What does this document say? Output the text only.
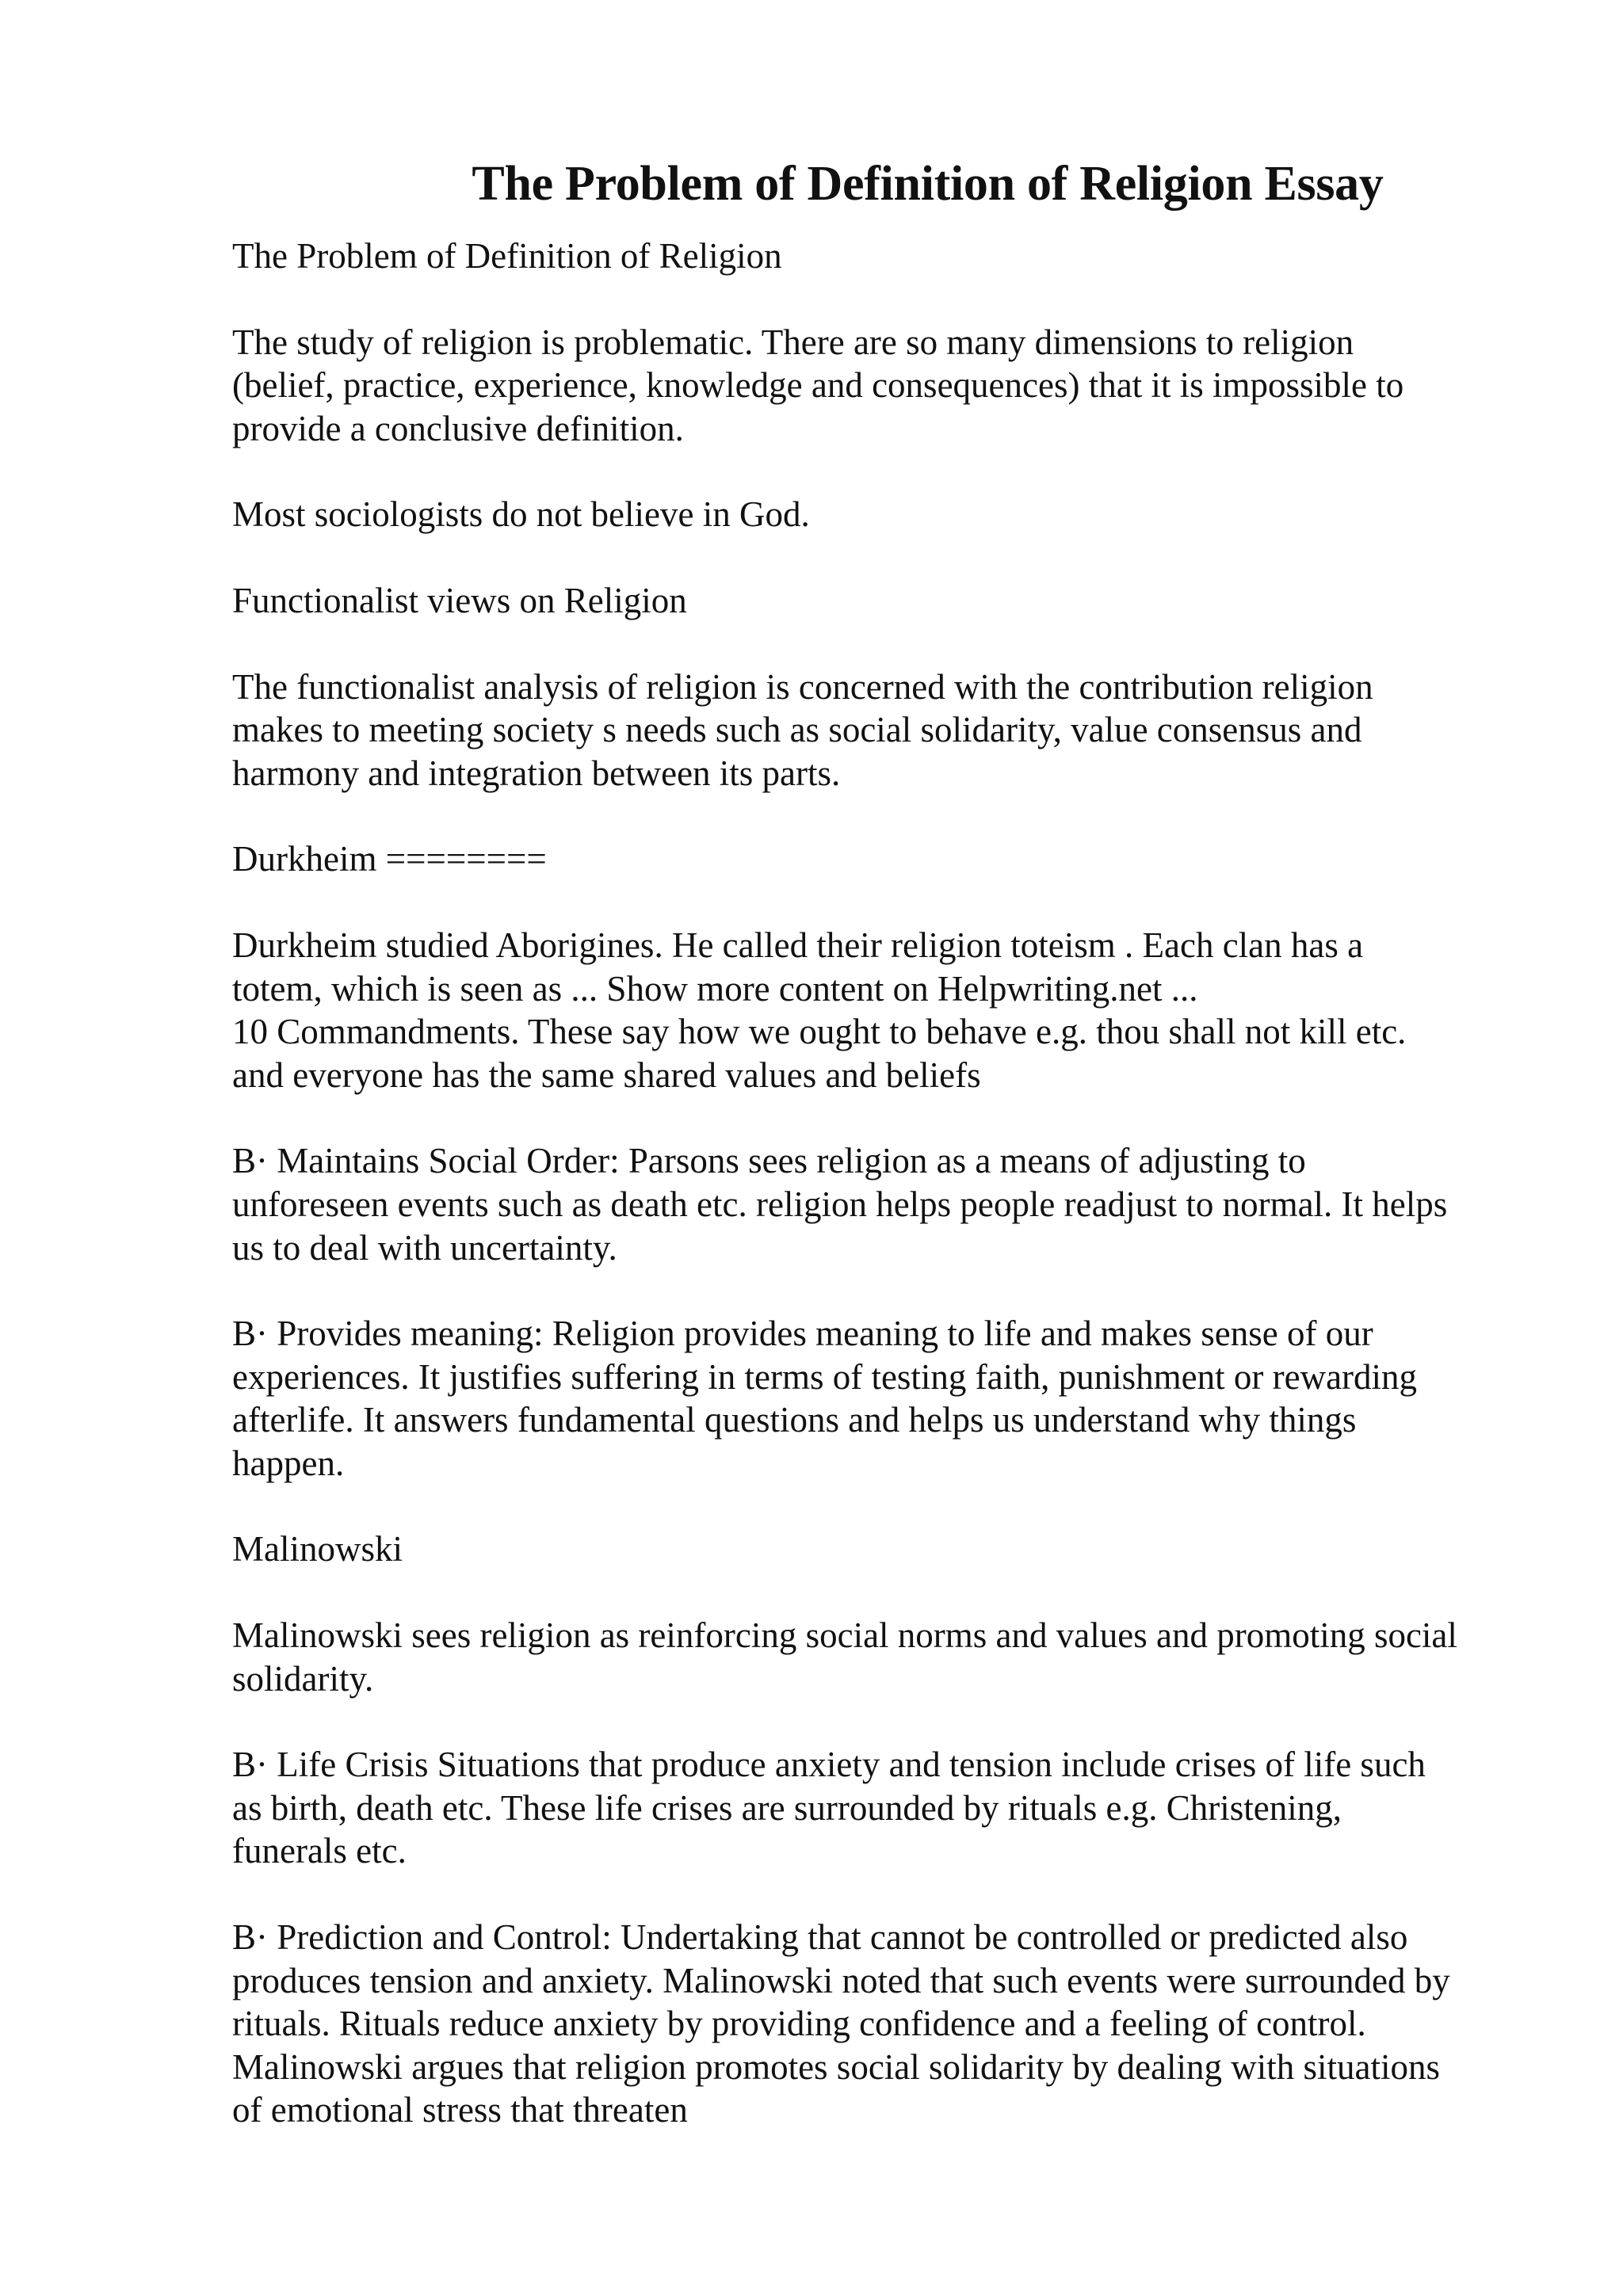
The Problem of Definition of Religion Essay

The Problem of Definition of Religion

The study of religion is problematic. There are so many dimensions to religion
(belief, practice, experience, knowledge and consequences) that it is impossible to
provide a conclusive definition.

Most sociologists do not believe in God.

Functionalist views on Religion

The functionalist analysis of religion is concerned with the contribution religion
makes to meeting society s needs such as social solidarity, value consensus and
harmony and integration between its parts.

Durkheim ========

Durkheim studied Aborigines. He called their religion toteism . Each clan has a
totem, which is seen as ... Show more content on Helpwriting.net ...
10 Commandments. These say how we ought to behave e.g. thou shall not kill etc.
and everyone has the same shared values and beliefs

B· Maintains Social Order: Parsons sees religion as a means of adjusting to
unforeseen events such as death etc. religion helps people readjust to normal. It helps
us to deal with uncertainty.

B· Provides meaning: Religion provides meaning to life and makes sense of our
experiences. It justifies suffering in terms of testing faith, punishment or rewarding
afterlife. It answers fundamental questions and helps us understand why things
happen.

Malinowski

Malinowski sees religion as reinforcing social norms and values and promoting social
solidarity.

B· Life Crisis Situations that produce anxiety and tension include crises of life such
as birth, death etc. These life crises are surrounded by rituals e.g. Christening,
funerals etc.

B· Prediction and Control: Undertaking that cannot be controlled or predicted also
produces tension and anxiety. Malinowski noted that such events were surrounded by
rituals. Rituals reduce anxiety by providing confidence and a feeling of control.
Malinowski argues that religion promotes social solidarity by dealing with situations
of emotional stress that threaten
